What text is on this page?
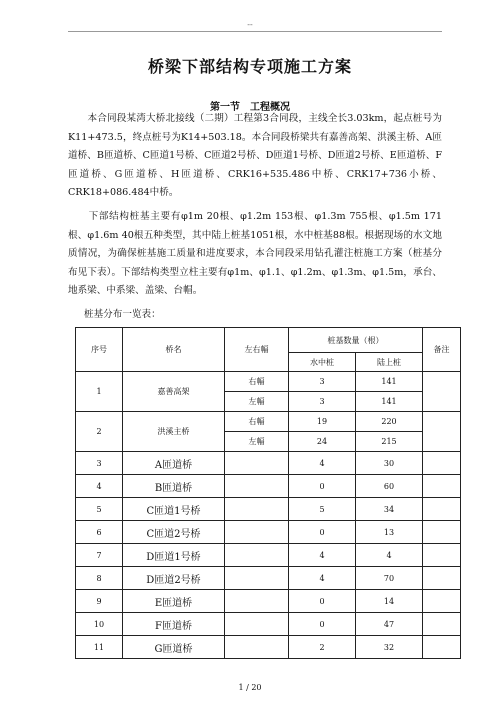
--
桥梁下部结构专项施工方案
第一节　工程概况

　　本合同段某湾大桥北接线（二期）工程第3合同段，主线全长3.03km，起点桩号为K11+473.5，终点桩号为K14+503.18。本合同段桥梁共有嘉善高架、洪溪主桥、A匝道桥、B匝道桥、C匝道1号桥、C匝道2号桥、D匝道1号桥、D匝道2号桥、E匝道桥、F匝道桥、G匝道桥、H匝道桥、CRK16+535.486中桥、CRK17+736小桥、CRK18+086.484中桥。

　　下部结构桩基主要有φ1m 20根、φ1.2m 153根、φ1.3m 755根、φ1.5m 171根、φ1.6m 40根五种类型，其中陆上桩基1051根，水中桩基88根。根据现场的水文地质情况，为确保桩基施工质量和进度要求，本合同段采用钻孔灌注桩施工方案（桩基分布见下表）。下部结构类型立柱主要有φ1m、φ1.1、φ1.2m、φ1.3m、φ1.5m，承台、地系梁、中系梁、盖梁、台帽。

桩基分布一览表：
序号	桥名	左右幅	桩基数量（根）		备注
			水中桩	陆上桩	
1	嘉善高架	右幅	3	141	
		左幅	3	141	
2	洪溪主桥	右幅	19	220	
		左幅	24	215	
3	A匝道桥		4	30	
4	B匝道桥		0	60	
5	C匝道1号桥		5	34	
6	C匝道2号桥		0	13	
7	D匝道1号桥		4	4	
8	D匝道2号桥		4	70	
9	E匝道桥		0	14	
10	F匝道桥		0	47	
11	G匝道桥		2	32	
1 / 20
